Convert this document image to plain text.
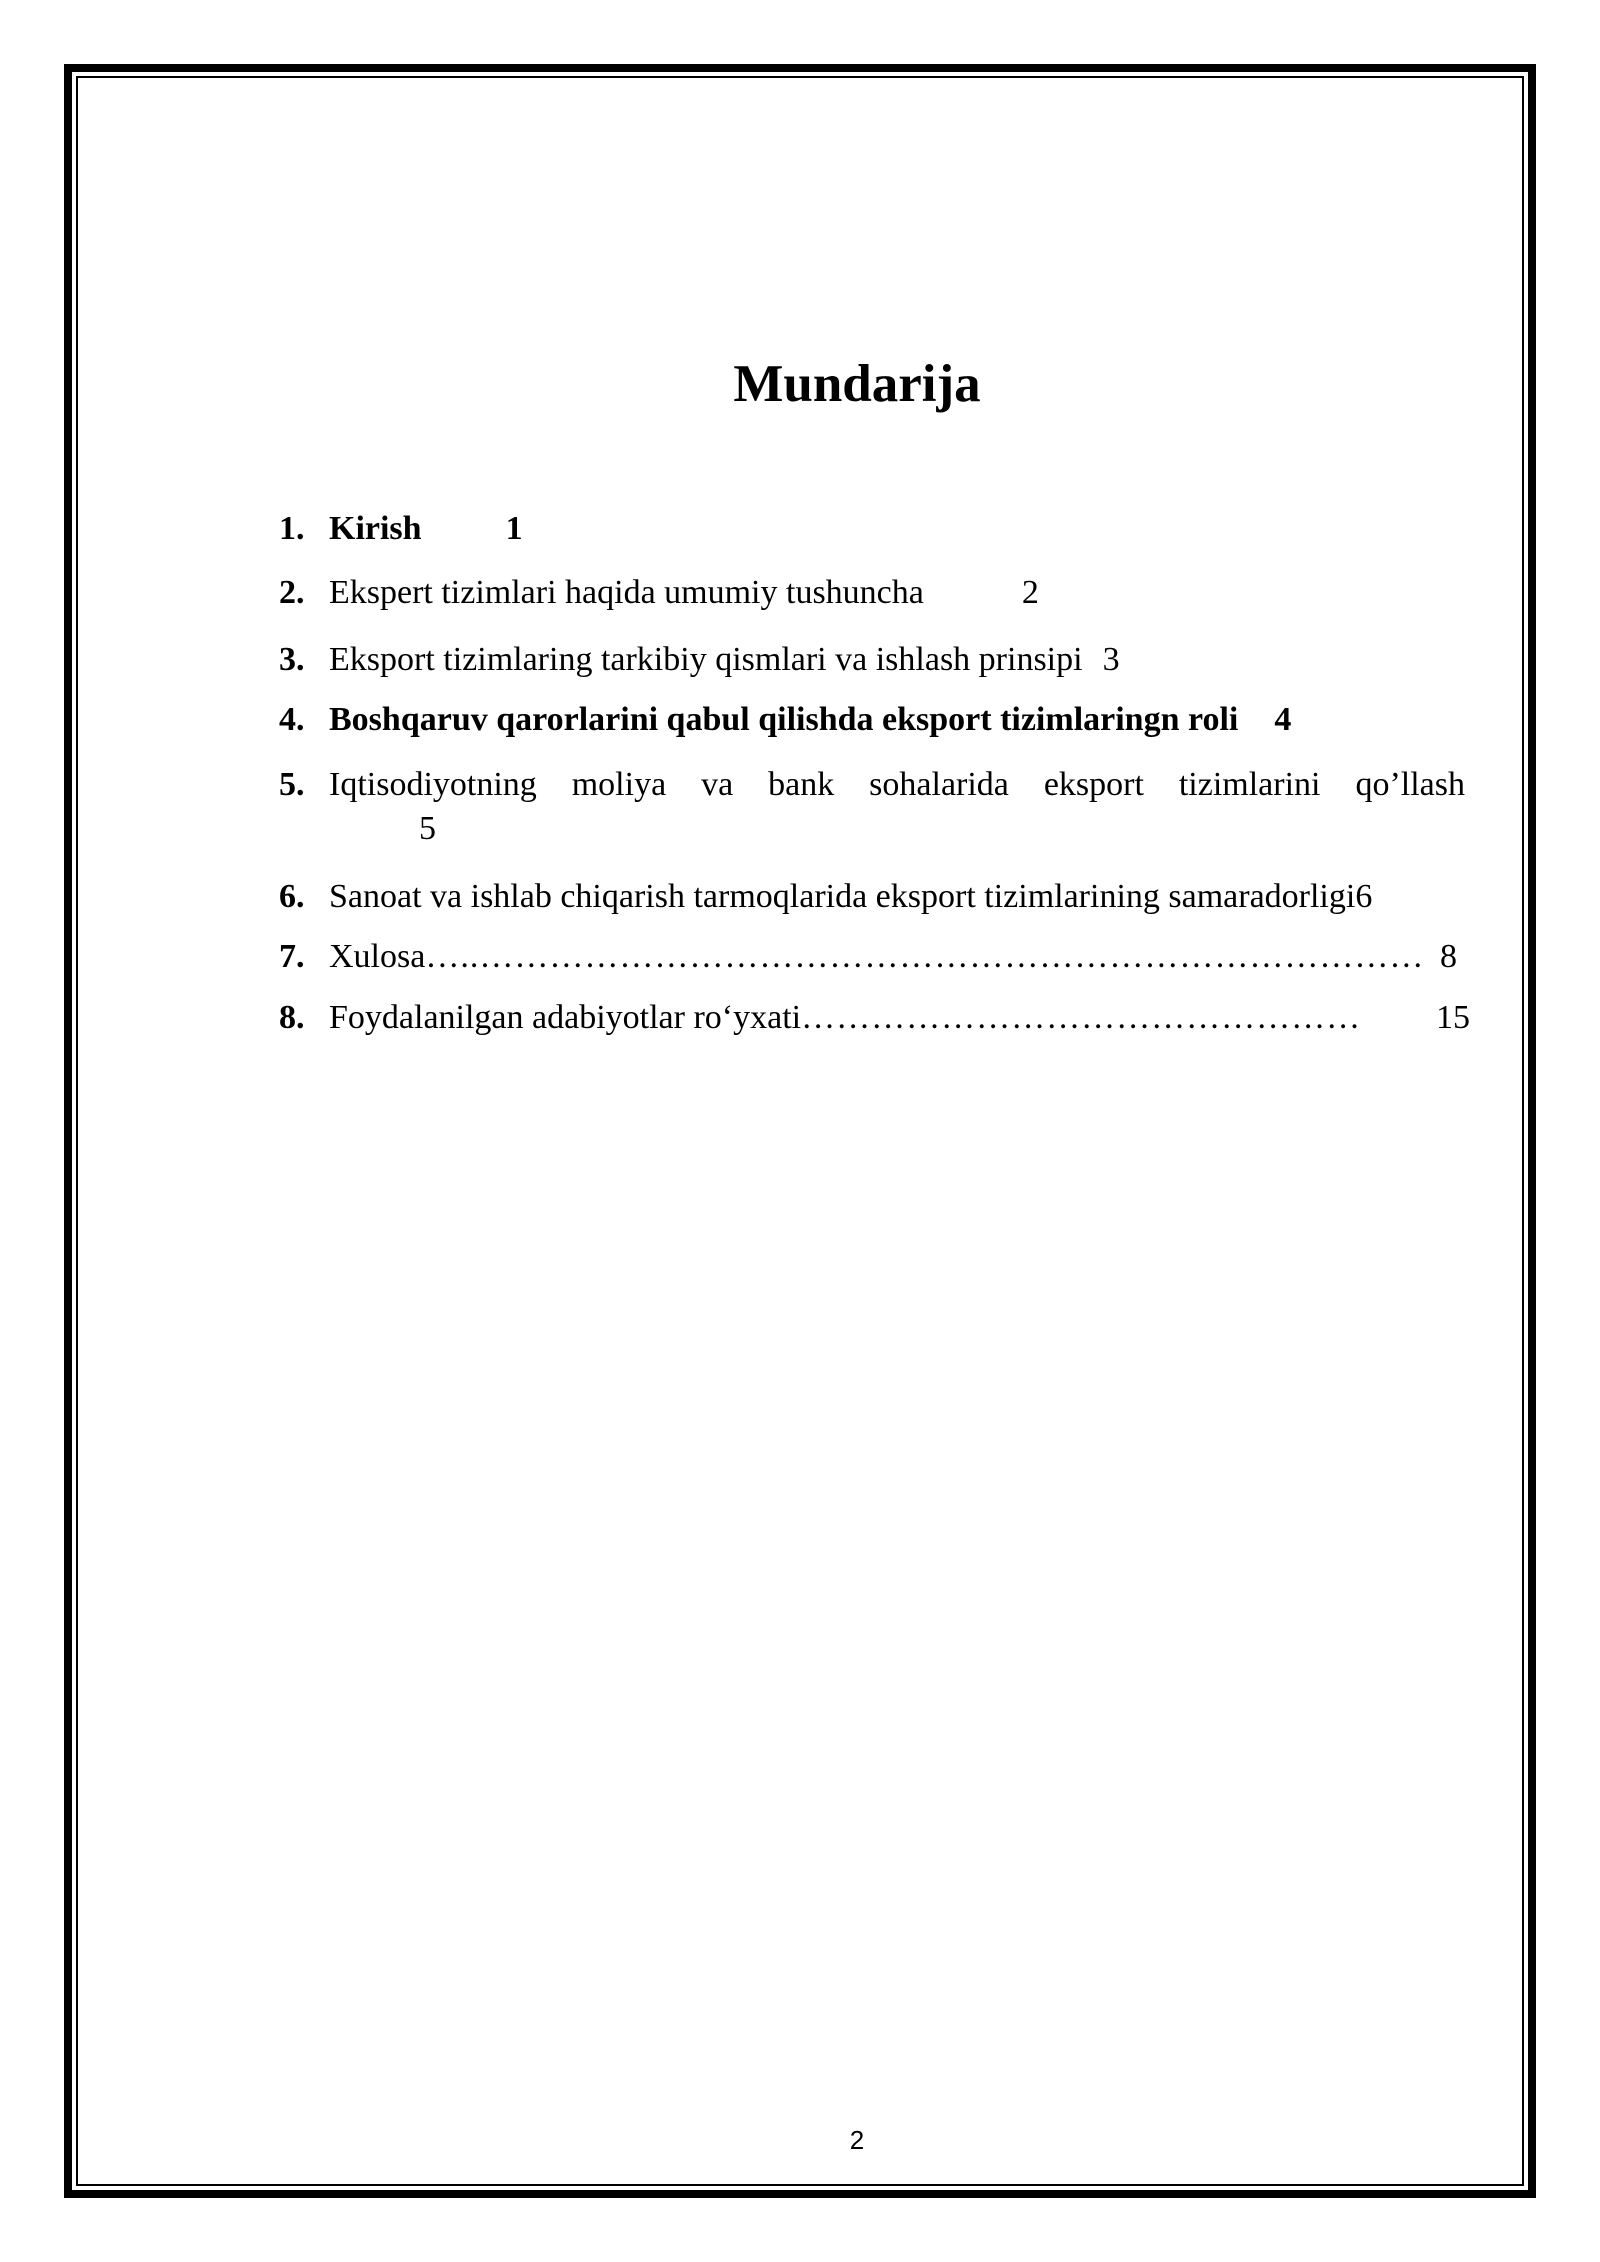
Mundarija
1. Kirish 1
2. Ekspert tizimlari haqida umumiy tushuncha	2
3. Eksport tizimlaring tarkibiy qismlari va ishlash prinsipi 3
4. Boshqaruv qarorlarini qabul qilishda eksport tizimlaringn roli 4
5. Iqtisodiyotning moliya va bank sohalarida eksport tizimlarini qo’llash
5
6. Sanoat va ishlab chiqarish tarmoqlarida eksport tizimlarining samaradorligi6
7. Xulosa …..……………………………………………………………………… 8
8. Foydalanilgan adabiyotlar ro‘yxati …………………………………………	15
2
